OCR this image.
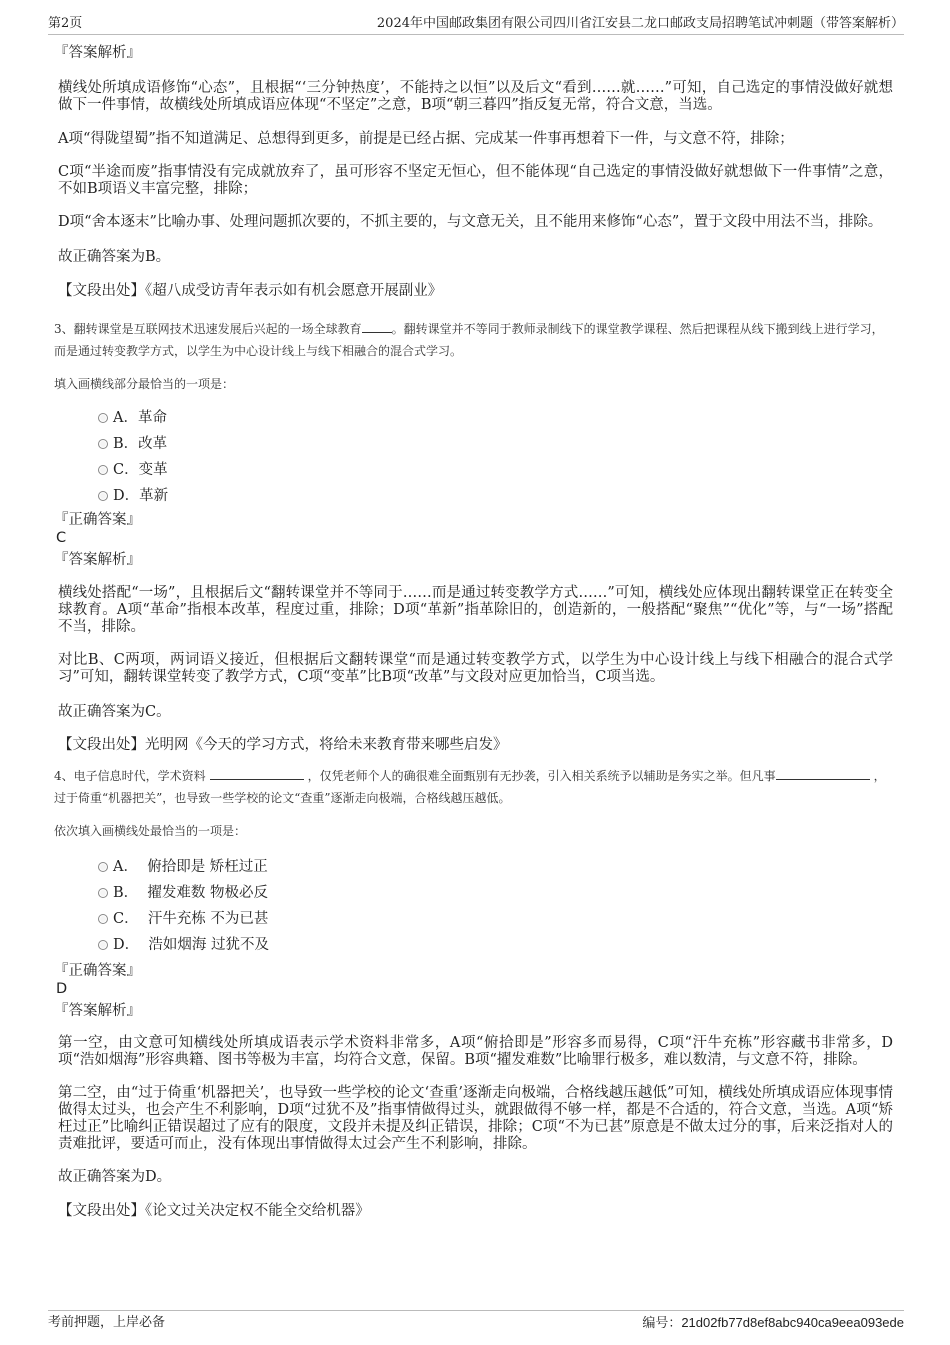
第2页	2024年中国邮政集团有限公司四川省江安县二龙口邮政支局招聘笔试冲刺题（带答案解析）

『答案解析』

横线处所填成语修饰“心态”，且根据“‘三分钟热度’，不能持之以恒”以及后文“看到……就……”可知，自己选定的事情没做好就想做下一件事情，故横线处所填成语应体现“不坚定”之意，B项“朝三暮四”指反复无常，符合文意，当选。

A项“得陇望蜀”指不知道满足、总想得到更多，前提是已经占据、完成某一件事再想着下一件，与文意不符，排除；

C项“半途而废”指事情没有完成就放弃了，虽可形容不坚定无恒心，但不能体现“自己选定的事情没做好就想做下一件事情”之意，不如B项语义丰富完整，排除；

D项“舍本逐末”比喻办事、处理问题抓次要的，不抓主要的，与文意无关，且不能用来修饰“心态”，置于文段中用法不当，排除。

故正确答案为B。

【文段出处】《超八成受访青年表示如有机会愿意开展副业》

3、翻转课堂是互联网技术迅速发展后兴起的一场全球教育	。翻转课堂并不等同于教师录制线下的课堂教学课程、然后把课程从线下搬到线上进行学习，而是通过转变教学方式，以学生为中心设计线上与线下相融合的混合式学习。

填入画横线部分最恰当的一项是：

A．革命
B．改革
C．变革
D．革新

『正确答案』

C

『答案解析』

横线处搭配“一场”，且根据后文“翻转课堂并不等同于……而是通过转变教学方式……”可知，横线处应体现出翻转课堂正在转变全球教育。A项“革命”指根本改革，程度过重，排除；D项“革新”指革除旧的，创造新的，一般搭配“聚焦”“优化”等，与“一场”搭配不当，排除。

对比B、C两项，两词语义接近，但根据后文翻转课堂“而是通过转变教学方式，以学生为中心设计线上与线下相融合的混合式学习”可知，翻转课堂转变了教学方式，C项“变革”比B项“改革”与文段对应更加恰当，C项当选。

故正确答案为C。

【文段出处】光明网《今天的学习方式，将给未来教育带来哪些启发》

4、电子信息时代，学术资料	，仅凭老师个人的确很难全面甄别有无抄袭，引入相关系统予以辅助是务实之举。但凡事	，过于倚重“机器把关”，也导致一些学校的论文“查重”逐渐走向极端，合格线越压越低。

依次填入画横线处最恰当的一项是：

A． 俯拾即是 矫枉过正
B． 擢发难数 物极必反
C． 汗牛充栋 不为已甚
D． 浩如烟海 过犹不及

『正确答案』

D

『答案解析』

第一空，由文意可知横线处所填成语表示学术资料非常多，A项“俯拾即是”形容多而易得，C项“汗牛充栋”形容藏书非常多，D项“浩如烟海”形容典籍、图书等极为丰富，均符合文意，保留。B项“擢发难数”比喻罪行极多，难以数清，与文意不符，排除。

第二空，由“过于倚重‘机器把关’，也导致一些学校的论文‘查重’逐渐走向极端，合格线越压越低”可知，横线处所填成语应体现事情做得太过头，也会产生不利影响，D项“过犹不及”指事情做得过头，就跟做得不够一样，都是不合适的，符合文意，当选。A项“矫枉过正”比喻纠正错误超过了应有的限度，文段并未提及纠正错误，排除；C项“不为已甚”原意是不做太过分的事，后来泛指对人的责难批评，要适可而止，没有体现出事情做得太过会产生不利影响，排除。

故正确答案为D。

【文段出处】《论文过关决定权不能全交给机器》

考前押题，上岸必备	编号：21d02fb77d8ef8abc940ca9eea093ede
